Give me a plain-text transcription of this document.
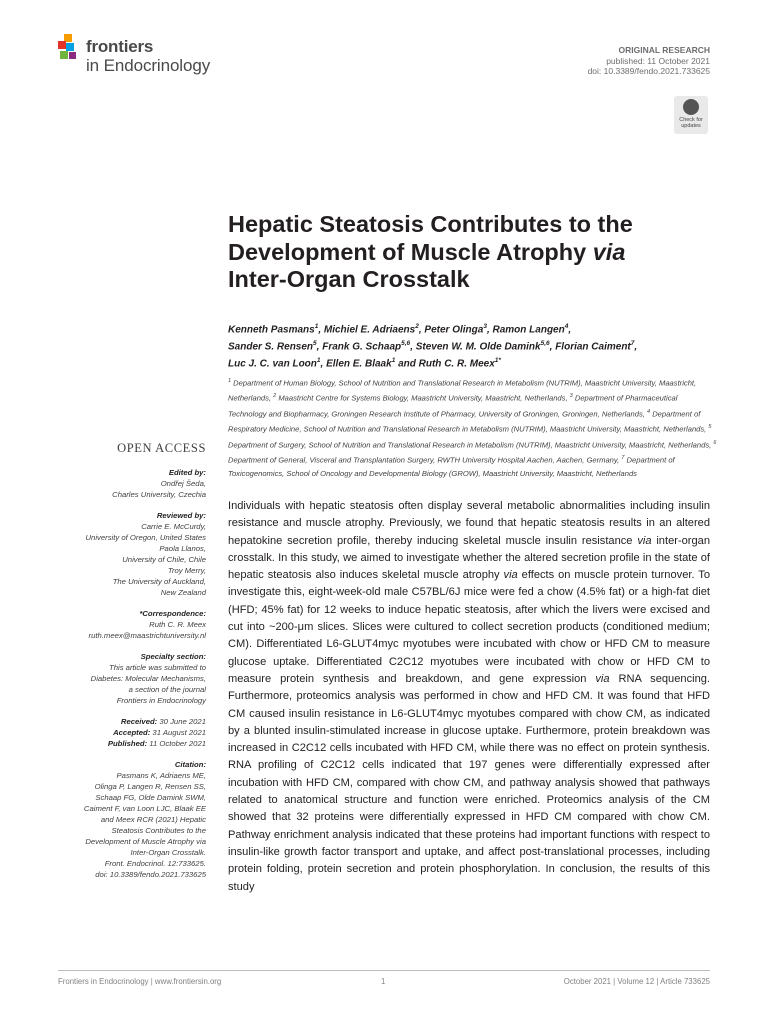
frontiers
in Endocrinology
ORIGINAL RESEARCH
published: 11 October 2021
doi: 10.3389/fendo.2021.733625
Check for updates
Hepatic Steatosis Contributes to the
Development of Muscle Atrophy via
Inter-Organ Crosstalk
Kenneth Pasmans$^1$, Michiel E. Adriaens$^2$, Peter Olinga$^3$, Ramon Langen$^4$,
Sander S. Rensen$^5$, Frank G. Schaap$^{5,6}$, Steven W. M. Olde Damink$^{5,6}$, Florian Caiment$^7$,
Luc J. C. van Loon$^1$, Ellen E. Blaak$^1$ and Ruth C. R. Meex$^{1*}$
$^1$ Department of Human Biology, School of Nutrition and Translational Research in Metabolism (NUTRIM), Maastricht University, Maastricht, Netherlands, $^2$ Maastricht Centre for Systems Biology, Maastricht University, Maastricht, Netherlands, $^3$ Department of Pharmaceutical Technology and Biopharmacy, Groningen Research Institute of Pharmacy, University of Groningen, Groningen, Netherlands, $^4$ Department of Respiratory Medicine, School of Nutrition and Translational Research in Metabolism (NUTRIM), Maastricht University, Maastricht, Netherlands, $^5$ Department of Surgery, School of Nutrition and Translational Research in Metabolism (NUTRIM), Maastricht University, Maastricht, Netherlands, $^6$ Department of General, Visceral and Transplantation Surgery, RWTH University Hospital Aachen, Aachen, Germany, $^7$ Department of Toxicogenomics, School of Oncology and Developmental Biology (GROW), Maastricht University, Maastricht, Netherlands
OPEN ACCESS
Edited by:
Ondřej Šeda,
Charles University, Czechia
Reviewed by:
Carrie E. McCurdy,
University of Oregon, United States
Paola Llanos,
University of Chile, Chile
Troy Merry,
The University of Auckland,
New Zealand
*Correspondence:
Ruth C. R. Meex
ruth.meex@maastrichtuniversity.nl
Specialty section:
This article was submitted to
Diabetes: Molecular Mechanisms,
a section of the journal
Frontiers in Endocrinology
Received: 30 June 2021
Accepted: 31 August 2021
Published: 11 October 2021
Citation:
Pasmans K, Adriaens ME,
Olinga P, Langen R, Rensen SS,
Schaap FG, Olde Damink SWM,
Caiment F, van Loon LJC, Blaak EE
and Meex RCR (2021) Hepatic
Steatosis Contributes to the
Development of Muscle Atrophy via
Inter-Organ Crosstalk.
Front. Endocrinol. 12:733625.
doi: 10.3389/fendo.2021.733625
Individuals with hepatic steatosis often display several metabolic abnormalities including insulin resistance and muscle atrophy. Previously, we found that hepatic steatosis results in an altered hepatokine secretion profile, thereby inducing skeletal muscle insulin resistance via inter-organ crosstalk. In this study, we aimed to investigate whether the altered secretion profile in the state of hepatic steatosis also induces skeletal muscle atrophy via effects on muscle protein turnover. To investigate this, eight-week-old male C57BL/6J mice were fed a chow (4.5% fat) or a high-fat diet (HFD; 45% fat) for 12 weeks to induce hepatic steatosis, after which the livers were excised and cut into ~200-μm slices. Slices were cultured to collect secretion products (conditioned medium; CM). Differentiated L6-GLUT4myc myotubes were incubated with chow or HFD CM to measure glucose uptake. Differentiated C2C12 myotubes were incubated with chow or HFD CM to measure protein synthesis and breakdown, and gene expression via RNA sequencing. Furthermore, proteomics analysis was performed in chow and HFD CM. It was found that HFD CM caused insulin resistance in L6-GLUT4myc myotubes compared with chow CM, as indicated by a blunted insulin-stimulated increase in glucose uptake. Furthermore, protein breakdown was increased in C2C12 cells incubated with HFD CM, while there was no effect on protein synthesis. RNA profiling of C2C12 cells indicated that 197 genes were differentially expressed after incubation with HFD CM, compared with chow CM, and pathway analysis showed that pathways related to anatomical structure and function were enriched. Proteomics analysis of the CM showed that 32 proteins were differentially expressed in HFD CM compared with chow CM. Pathway enrichment analysis indicated that these proteins had important functions with respect to insulin-like growth factor transport and uptake, and affect post-translational processes, including protein folding, protein secretion and protein phosphorylation. In conclusion, the results of this study
Frontiers in Endocrinology | www.frontiersin.org	1	October 2021 | Volume 12 | Article 733625
